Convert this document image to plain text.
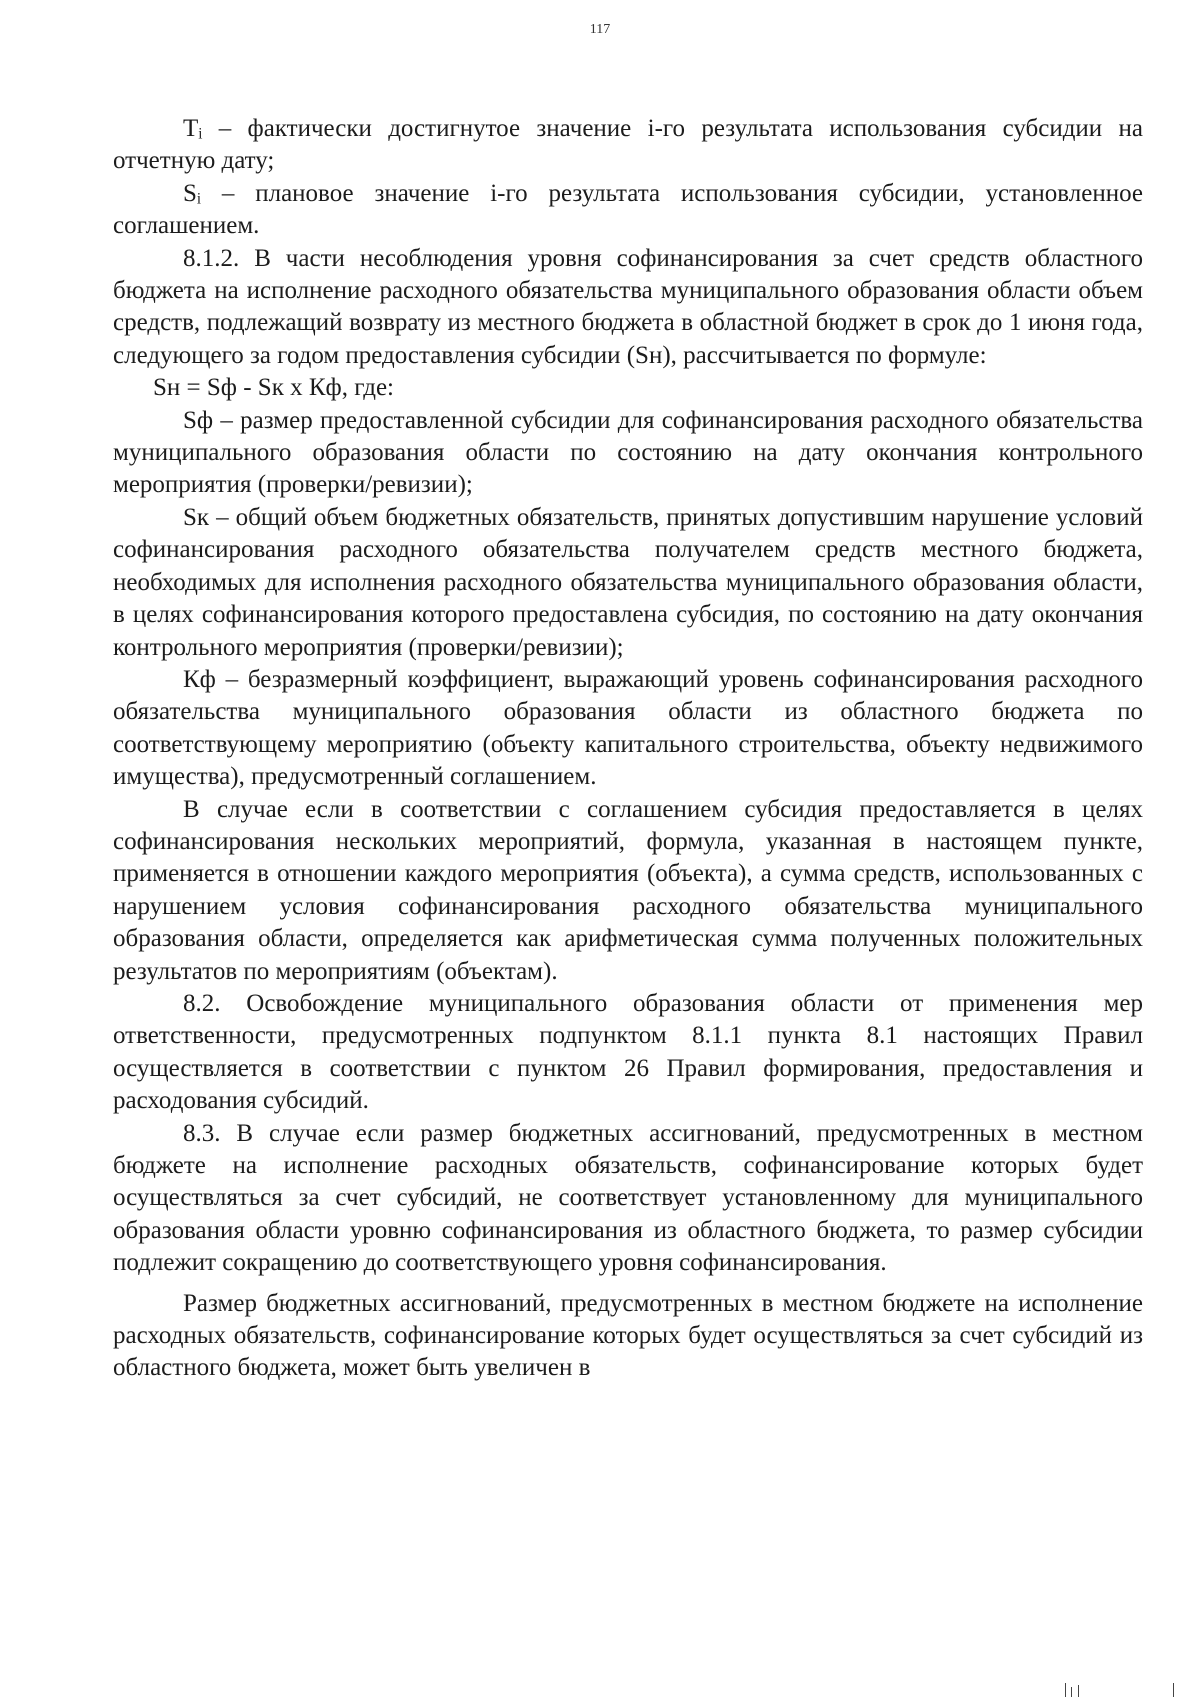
117

Tᵢ – фактически достигнутое значение i-го результата использования субсидии на отчетную дату;

Sᵢ – плановое значение i-го результата использования субсидии, установленное соглашением.

8.1.2. В части несоблюдения уровня софинансирования за счет средств областного бюджета на исполнение расходного обязательства муниципального образования области объем средств, подлежащий возврату из местного бюджета в областной бюджет в срок до 1 июня года, следующего за годом предоставления субсидии (Sн), рассчитывается по формуле:

Sн = Sф - Sк х Кф, где:

Sф – размер предоставленной субсидии для софинансирования расходного обязательства муниципального образования области по состоянию на дату окончания контрольного мероприятия (проверки/ревизии);

Sк – общий объем бюджетных обязательств, принятых допустившим нарушение условий софинансирования расходного обязательства получателем средств местного бюджета, необходимых для исполнения расходного обязательства муниципального образования области, в целях софинансирования которого предоставлена субсидия, по состоянию на дату окончания контрольного мероприятия (проверки/ревизии);

Кф – безразмерный коэффициент, выражающий уровень софинансирования расходного обязательства муниципального образования области из областного бюджета по соответствующему мероприятию (объекту капитального строительства, объекту недвижимого имущества), предусмотренный соглашением.

В случае если в соответствии с соглашением субсидия предоставляется в целях софинансирования нескольких мероприятий, формула, указанная в настоящем пункте, применяется в отношении каждого мероприятия (объекта), а сумма средств, использованных с нарушением условия софинансирования расходного обязательства муниципального образования области, определяется как арифметическая сумма полученных положительных результатов по мероприятиям (объектам).

8.2. Освобождение муниципального образования области от применения мер ответственности, предусмотренных подпунктом 8.1.1 пункта 8.1 настоящих Правил осуществляется в соответствии с пунктом 26 Правил формирования, предоставления и расходования субсидий.

8.3. В случае если размер бюджетных ассигнований, предусмотренных в местном бюджете на исполнение расходных обязательств, софинансирование которых будет осуществляться за счет субсидий, не соответствует установленному для муниципального образования области уровню софинансирования из областного бюджета, то размер субсидии подлежит сокращению до соответствующего уровня софинансирования.

Размер бюджетных ассигнований, предусмотренных в местном бюджете на исполнение расходных обязательств, софинансирование которых будет осуществляться за счет субсидий из областного бюджета, может быть увеличен в
